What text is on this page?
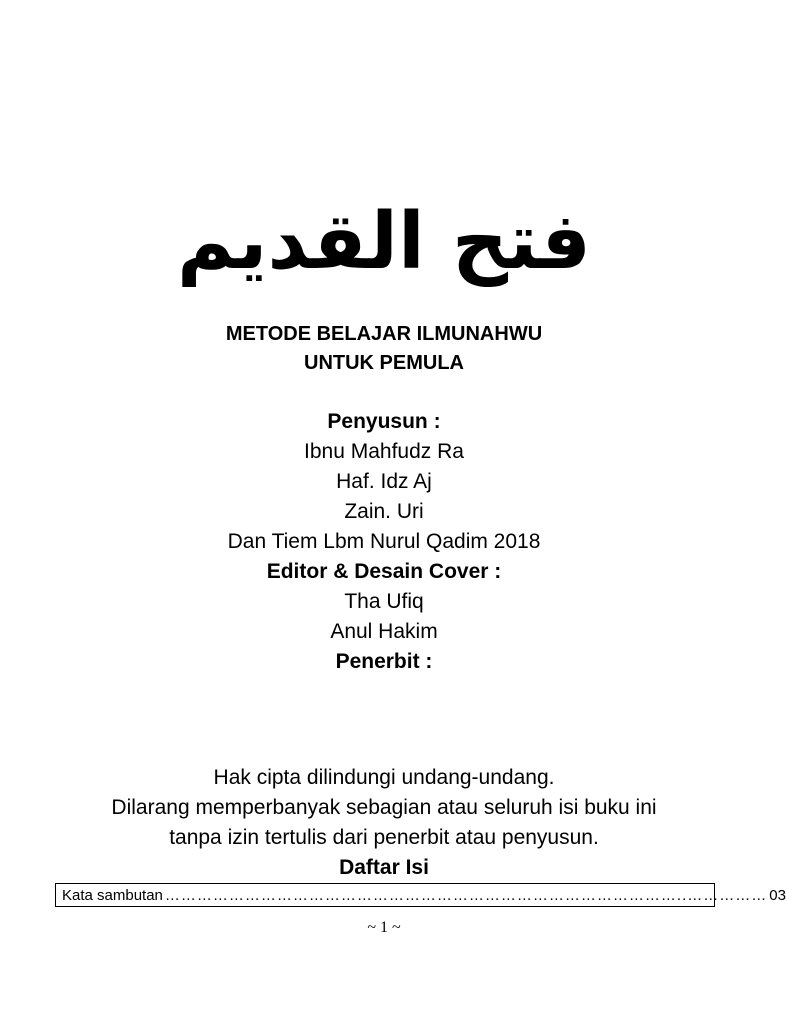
فتح القديم
METODE BELAJAR ILMUNAHWU
UNTUK PEMULA
Penyusun :
Ibnu Mahfudz Ra
Haf. Idz Aj
Zain. Uri
Dan Tiem Lbm Nurul Qadim 2018
Editor & Desain Cover :
Tha Ufiq
Anul Hakim
Penerbit :
Hak cipta dilindungi undang-undang.
Dilarang memperbanyak sebagian atau seluruh isi buku ini
tanpa izin tertulis dari penerbit atau penyusun.
Daftar Isi
Kata sambutan ……………………………………………………………………………………..…………… 03
~ 1 ~
